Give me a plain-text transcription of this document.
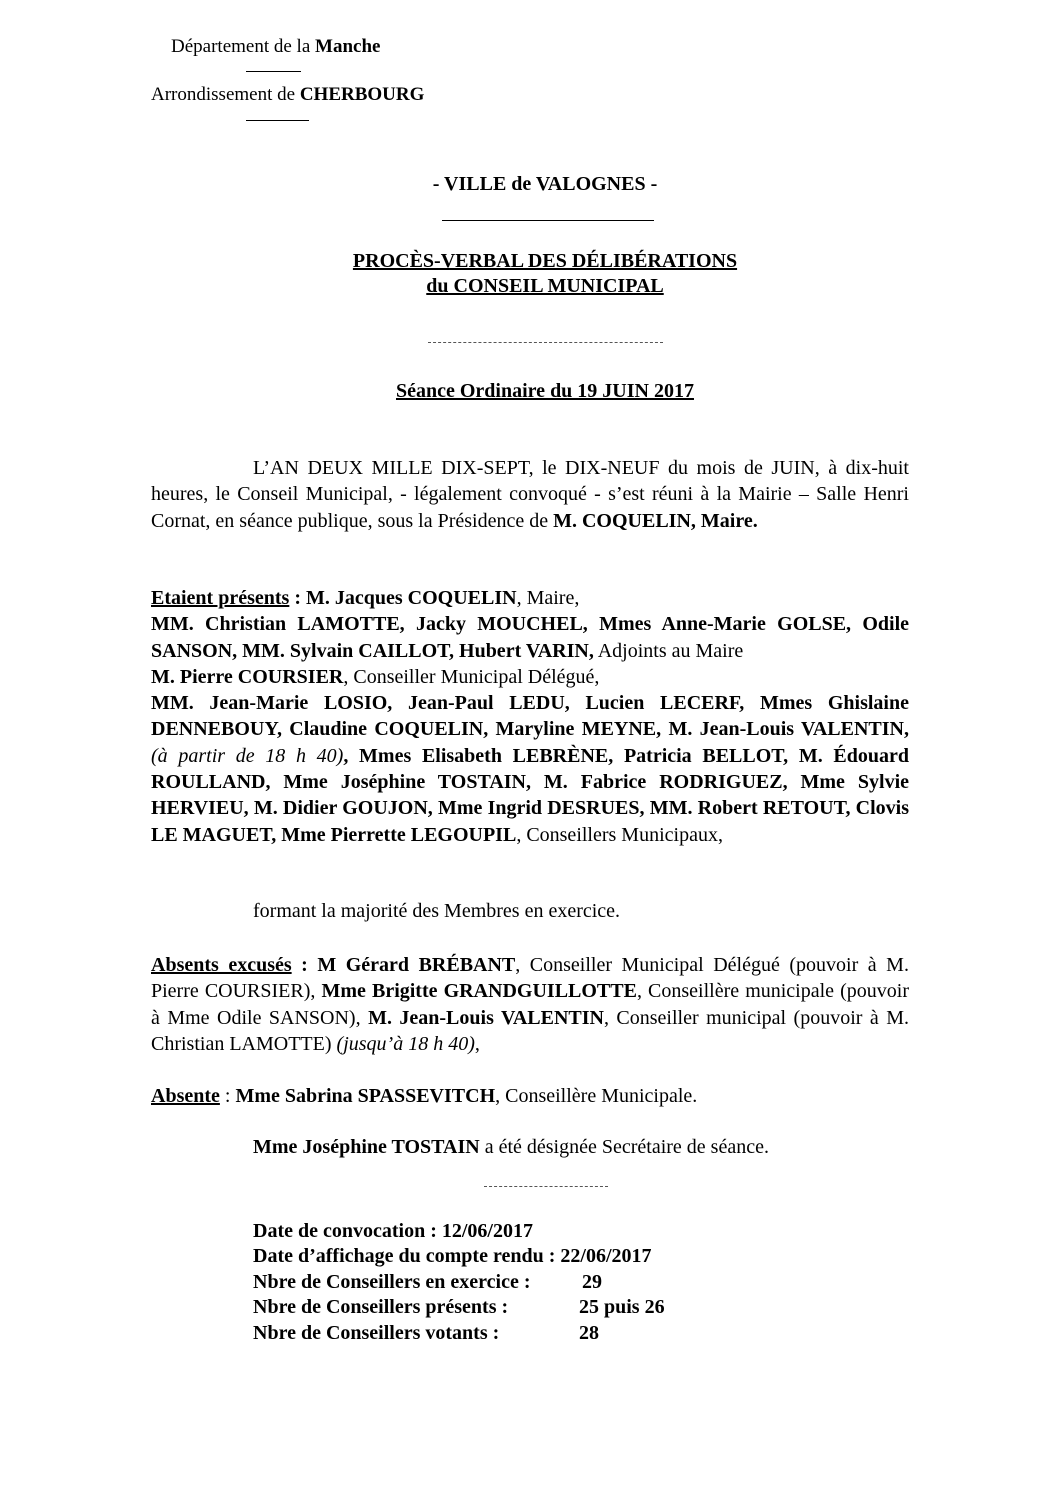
Département de la Manche
Arrondissement de CHERBOURG
- VILLE de VALOGNES -
PROCÈS-VERBAL DES DÉLIBÉRATIONS
du CONSEIL MUNICIPAL
Séance Ordinaire du 19 JUIN 2017
L’AN DEUX MILLE DIX-SEPT, le DIX-NEUF du mois de JUIN, à dix-huit heures, le Conseil Municipal, - légalement convoqué - s’est réuni à la Mairie – Salle Henri Cornat, en séance publique, sous la Présidence de M. COQUELIN, Maire.
Etaient présents : M. Jacques COQUELIN, Maire,
MM. Christian LAMOTTE, Jacky MOUCHEL, Mmes Anne-Marie GOLSE, Odile SANSON, MM. Sylvain CAILLOT, Hubert VARIN, Adjoints au Maire
M. Pierre COURSIER, Conseiller Municipal Délégué,
MM. Jean-Marie LOSIO, Jean-Paul LEDU, Lucien LECERF, Mmes Ghislaine DENNEBOUY, Claudine COQUELIN, Maryline MEYNE, M. Jean-Louis VALENTIN, (à partir de 18 h 40), Mmes Elisabeth LEBRÈNE, Patricia BELLOT, M. Édouard ROULLAND, Mme Joséphine TOSTAIN, M. Fabrice RODRIGUEZ, Mme Sylvie HERVIEU, M. Didier GOUJON, Mme Ingrid DESRUES, MM. Robert RETOUT, Clovis LE MAGUET, Mme Pierrette LEGOUPIL, Conseillers Municipaux,
formant la majorité des Membres en exercice.
Absents excusés : M Gérard BRÉBANT, Conseiller Municipal Délégué (pouvoir à M. Pierre COURSIER), Mme Brigitte GRANDGUILLOTTE, Conseillère municipale (pouvoir à Mme Odile SANSON), M. Jean-Louis VALENTIN, Conseiller municipal (pouvoir à M. Christian LAMOTTE) (jusqu’à 18 h 40),
Absente : Mme Sabrina SPASSEVITCH, Conseillère Municipale.
Mme Joséphine TOSTAIN a été désignée Secrétaire de séance.
Date de convocation : 12/06/2017
Date d’affichage du compte rendu : 22/06/2017
Nbre de Conseillers en exercice :	29
Nbre de Conseillers présents :	25 puis 26
Nbre de Conseillers votants :	28
